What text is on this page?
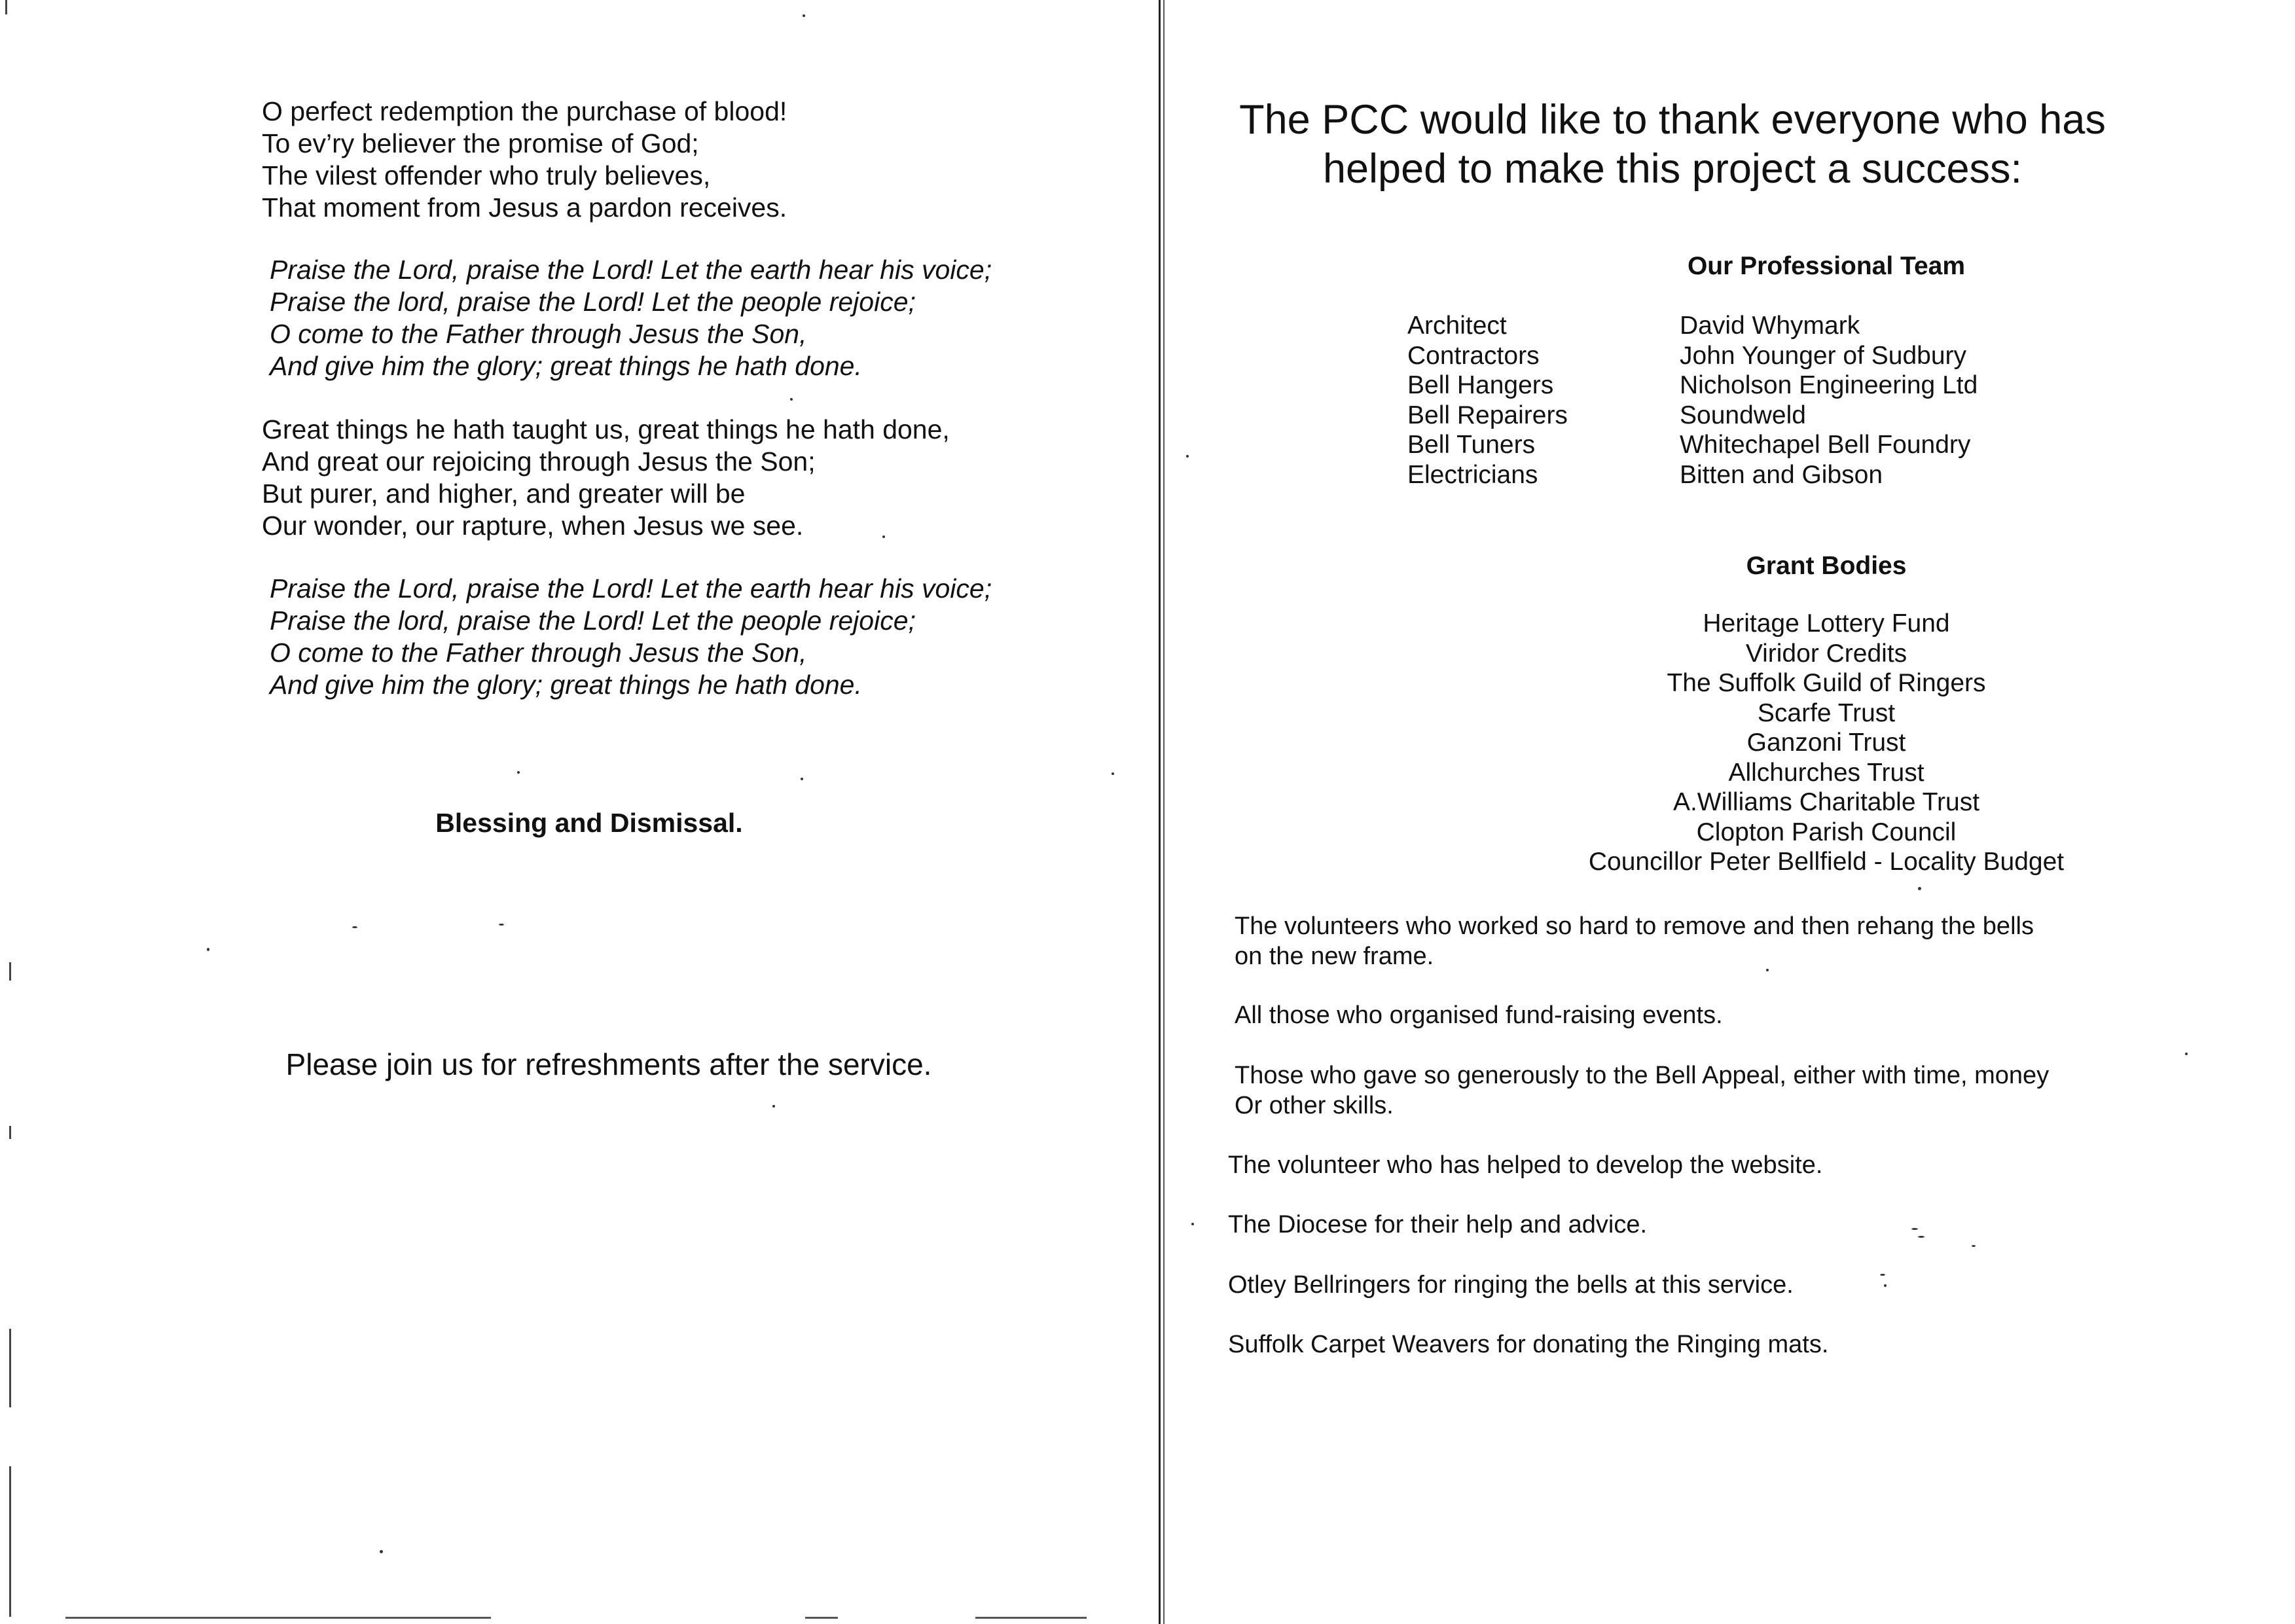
O perfect redemption the purchase of blood!
To ev’ry believer the promise of God;
The vilest offender who truly believes,
That moment from Jesus a pardon receives.
Praise the Lord, praise the Lord! Let the earth hear his voice;
Praise the lord, praise the Lord! Let the people rejoice;
O come to the Father through Jesus the Son,
And give him the glory; great things he hath done.
Great things he hath taught us, great things he hath done,
And great our rejoicing through Jesus the Son;
But purer, and higher, and greater will be
Our wonder, our rapture, when Jesus we see.
Praise the Lord, praise the Lord! Let the earth hear his voice;
Praise the lord, praise the Lord! Let the people rejoice;
O come to the Father through Jesus the Son,
And give him the glory; great things he hath done.
Blessing and Dismissal.
Please join us for refreshments after the service.
The PCC would like to thank everyone who has
helped to make this project a success:
Our Professional Team
Architect	David Whymark
Contractors	John Younger of Sudbury
Bell Hangers	Nicholson Engineering Ltd
Bell Repairers	Soundweld
Bell Tuners	Whitechapel Bell Foundry
Electricians	Bitten and Gibson
Grant Bodies
Heritage Lottery Fund
Viridor Credits
The Suffolk Guild of Ringers
Scarfe Trust
Ganzoni Trust
Allchurches Trust
A.Williams Charitable Trust
Clopton Parish Council
Councillor Peter Bellfield - Locality Budget
The volunteers who worked so hard to remove and then rehang the bells
on the new frame.
All those who organised fund-raising events.
Those who gave so generously to the Bell Appeal, either with time, money
Or other skills.
The volunteer who has helped to develop the website.
The Diocese for their help and advice.
Otley Bellringers for ringing the bells at this service.
Suffolk Carpet Weavers for donating the Ringing mats.
